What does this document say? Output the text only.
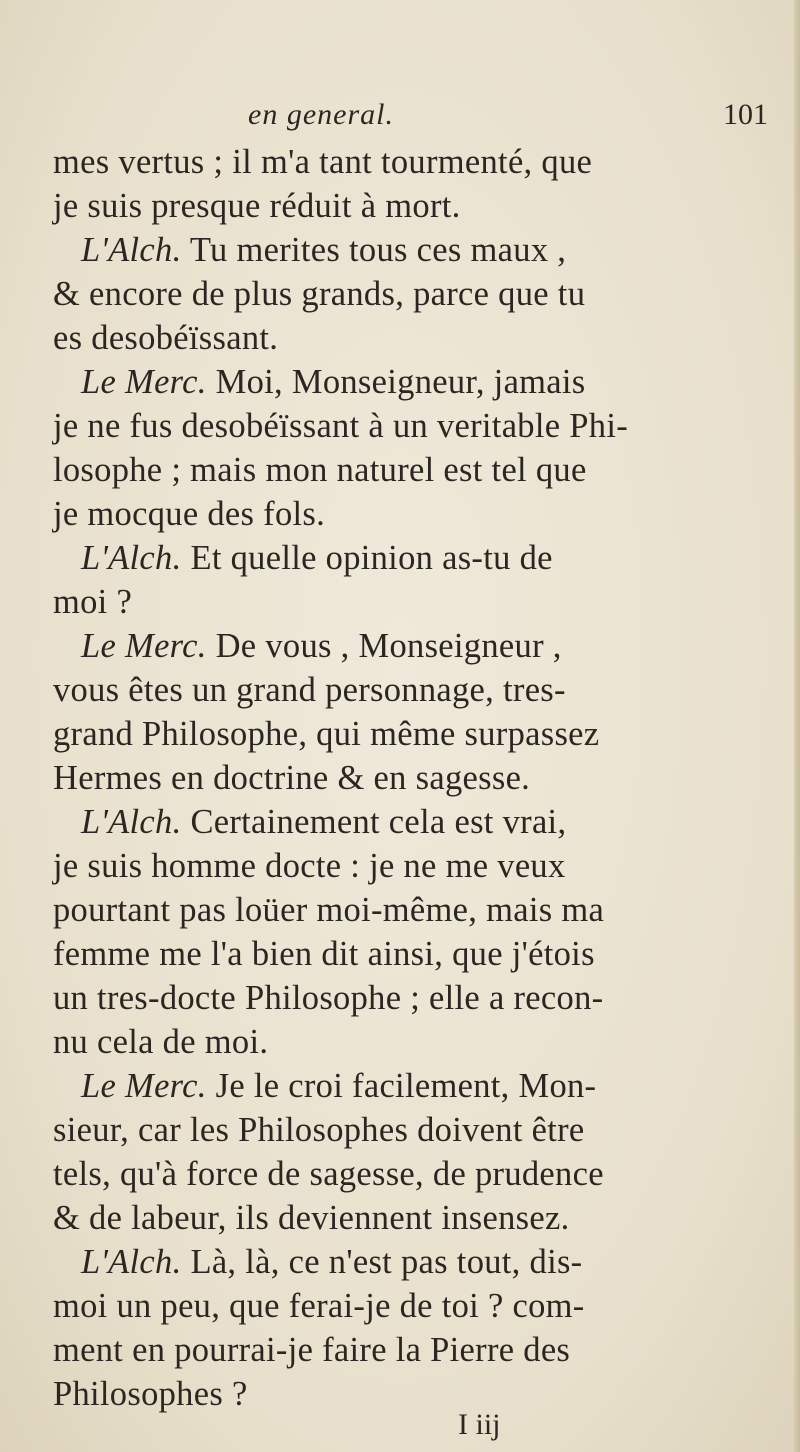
en general.	101
mes vertus ; il m'a tant tourmenté, que
je suis presque réduit à mort.
L'Alch. Tu merites tous ces maux ,
& encore de plus grands, parce que tu
es desobéïssant.
Le Merc. Moi, Monseigneur, jamais
je ne fus desobéïssant à un veritable Phi-
losophe ; mais mon naturel est tel que
je mocque des fols.
L'Alch. Et quelle opinion as-tu de
moi ?
Le Merc. De vous , Monseigneur ,
vous êtes un grand personnage, tres-
grand Philosophe, qui même surpassez
Hermes en doctrine & en sagesse.
L'Alch. Certainement cela est vrai,
je suis homme docte : je ne me veux
pourtant pas loüer moi-même, mais ma
femme me l'a bien dit ainsi, que j'étois
un tres-docte Philosophe ; elle a recon-
nu cela de moi.
Le Merc. Je le croi facilement, Mon-
sieur, car les Philosophes doivent être
tels, qu'à force de sagesse, de prudence
& de labeur, ils deviennent insensez.
L'Alch. Là, là, ce n'est pas tout, dis-
moi un peu, que ferai-je de toi ? com-
ment en pourrai-je faire la Pierre des
Philosophes ?
I iij
